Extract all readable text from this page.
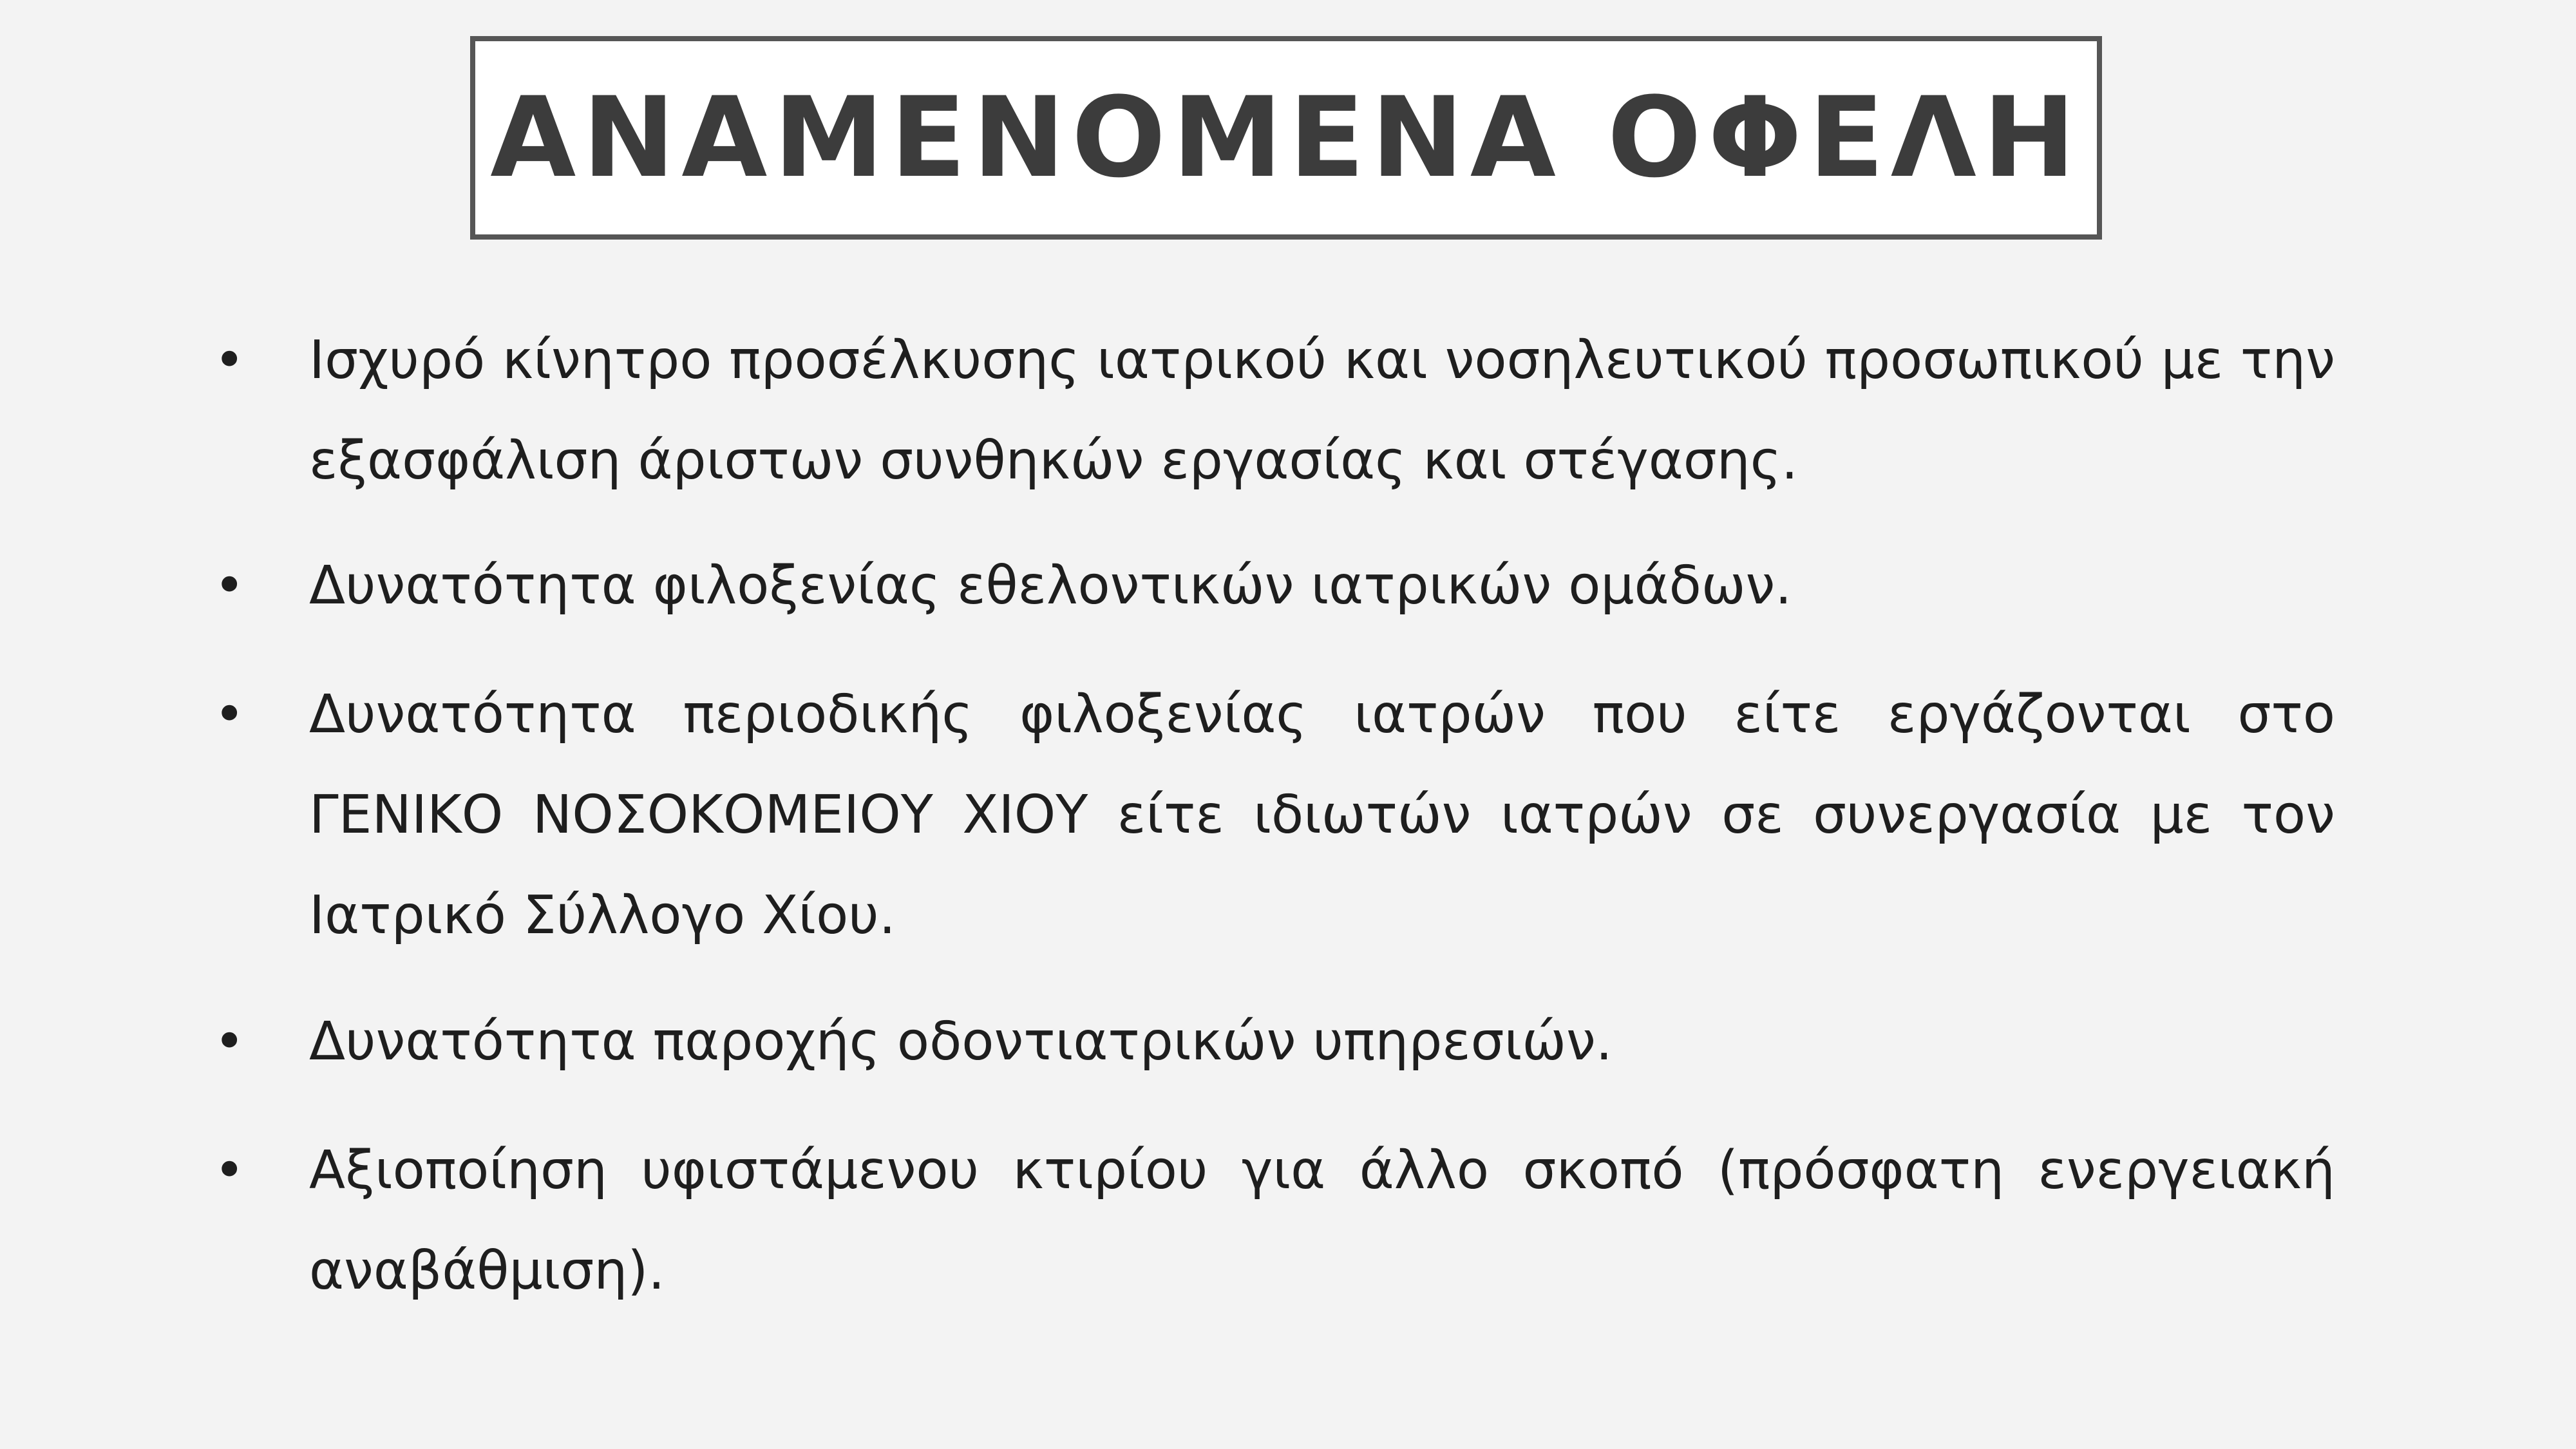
ΑΝΑΜΕΝΟΜΕΝΑ ΟΦΕΛΗ
• Ισχυρό κίνητρο προσέλκυσης ιατρικού και νοσηλευτικού προσωπικού με την εξασφάλιση άριστων συνθηκών εργασίας και στέγασης.
• Δυνατότητα φιλοξενίας εθελοντικών ιατρικών ομάδων.
• Δυνατότητα περιοδικής φιλοξενίας ιατρών που είτε εργάζονται στο ΓΕΝΙΚΟ ΝΟΣΟΚΟΜΕΙΟΥ ΧΙΟΥ είτε ιδιωτών ιατρών σε συνεργασία με τον Ιατρικό Σύλλογο Χίου.
• Δυνατότητα παροχής οδοντιατρικών υπηρεσιών.
• Αξιοποίηση υφιστάμενου κτιρίου για άλλο σκοπό (πρόσφατη ενεργειακή αναβάθμιση).
